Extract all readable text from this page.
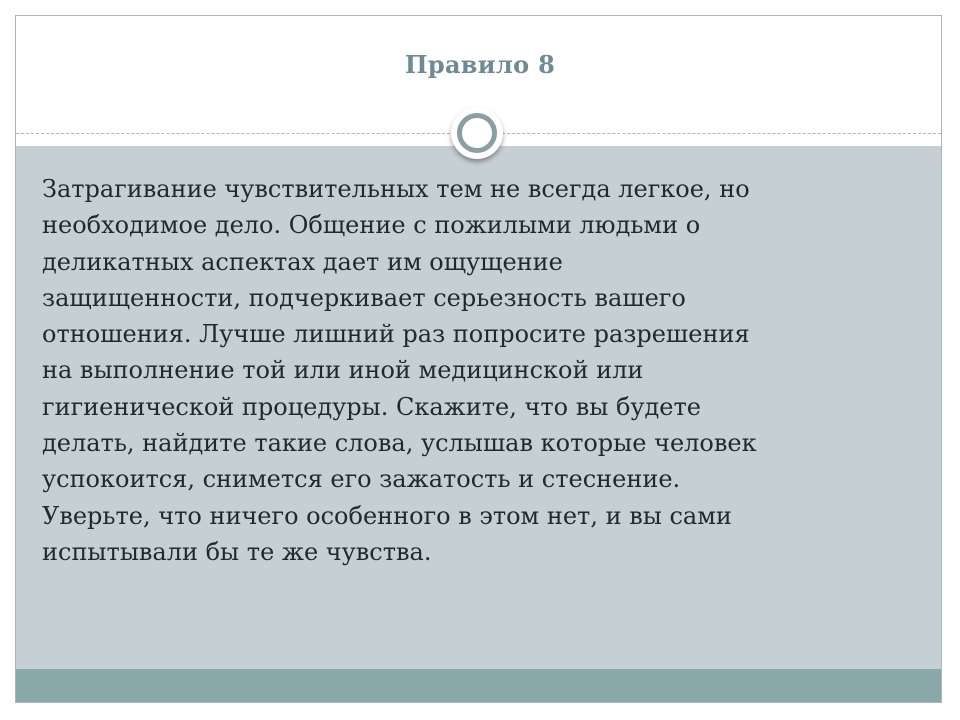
Правило 8

Затрагивание чувствительных тем не всегда легкое, но
необходимое дело. Общение с пожилыми людьми о
деликатных аспектах дает им ощущение
защищенности, подчеркивает серьезность вашего
отношения. Лучше лишний раз попросите разрешения
на выполнение той или иной медицинской или
гигиенической процедуры. Скажите, что вы будете
делать, найдите такие слова, услышав которые человек
успокоится, снимется его зажатость и стеснение.
Уверьте, что ничего особенного в этом нет, и вы сами
испытывали бы те же чувства.
